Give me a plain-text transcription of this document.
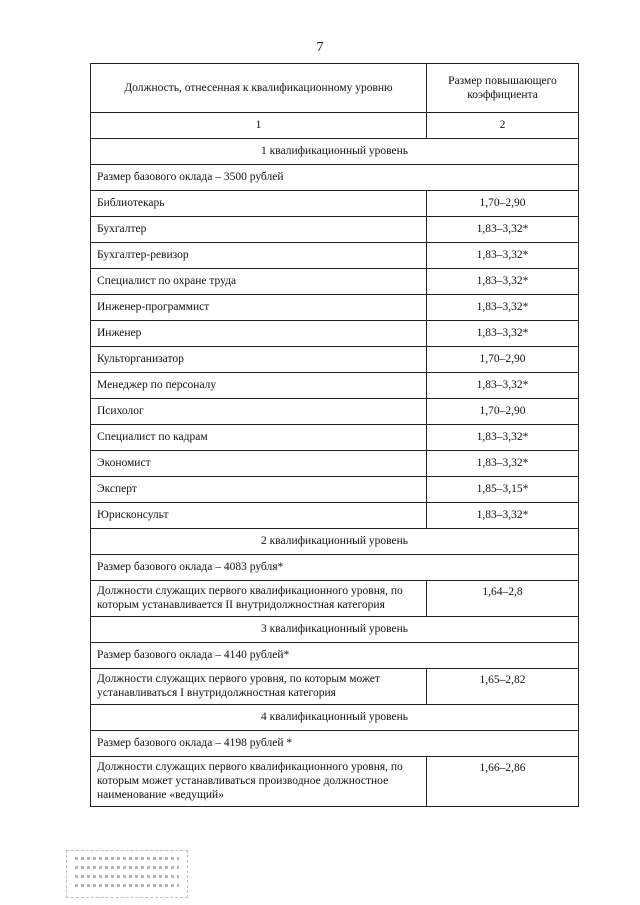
7
Должность, отнесенная к квалификационному уровню	Размер повышающего коэффициента
1	2
1 квалификационный уровень	
Размер базового оклада – 3500 рублей	
Библиотекарь	1,70–2,90
Бухгалтер	1,83–3,32*
Бухгалтер-ревизор	1,83–3,32*
Специалист по охране труда	1,83–3,32*
Инженер-программист	1,83–3,32*
Инженер	1,83–3,32*
Культорганизатор	1,70–2,90
Менеджер по персоналу	1,83–3,32*
Психолог	1,70–2,90
Специалист по кадрам	1,83–3,32*
Экономист	1,83–3,32*
Эксперт	1,85–3,15*
Юрисконсульт	1,83–3,32*
2 квалификационный уровень	
Размер базового оклада – 4083 рубля*	
Должности служащих первого квалификационного уровня, по которым устанавливается II внутридолжностная категория	1,64–2,8
3 квалификационный уровень	
Размер базового оклада – 4140 рублей*	
Должности служащих первого уровня, по которым может устанавливаться I внутридолжностная категория	1,65–2,82
4 квалификационный уровень	
Размер базового оклада – 4198 рублей *	
Должности служащих первого квалификационного уровня, по которым может устанавливаться производное должностное наименование «ведущий»	1,66–2,86
